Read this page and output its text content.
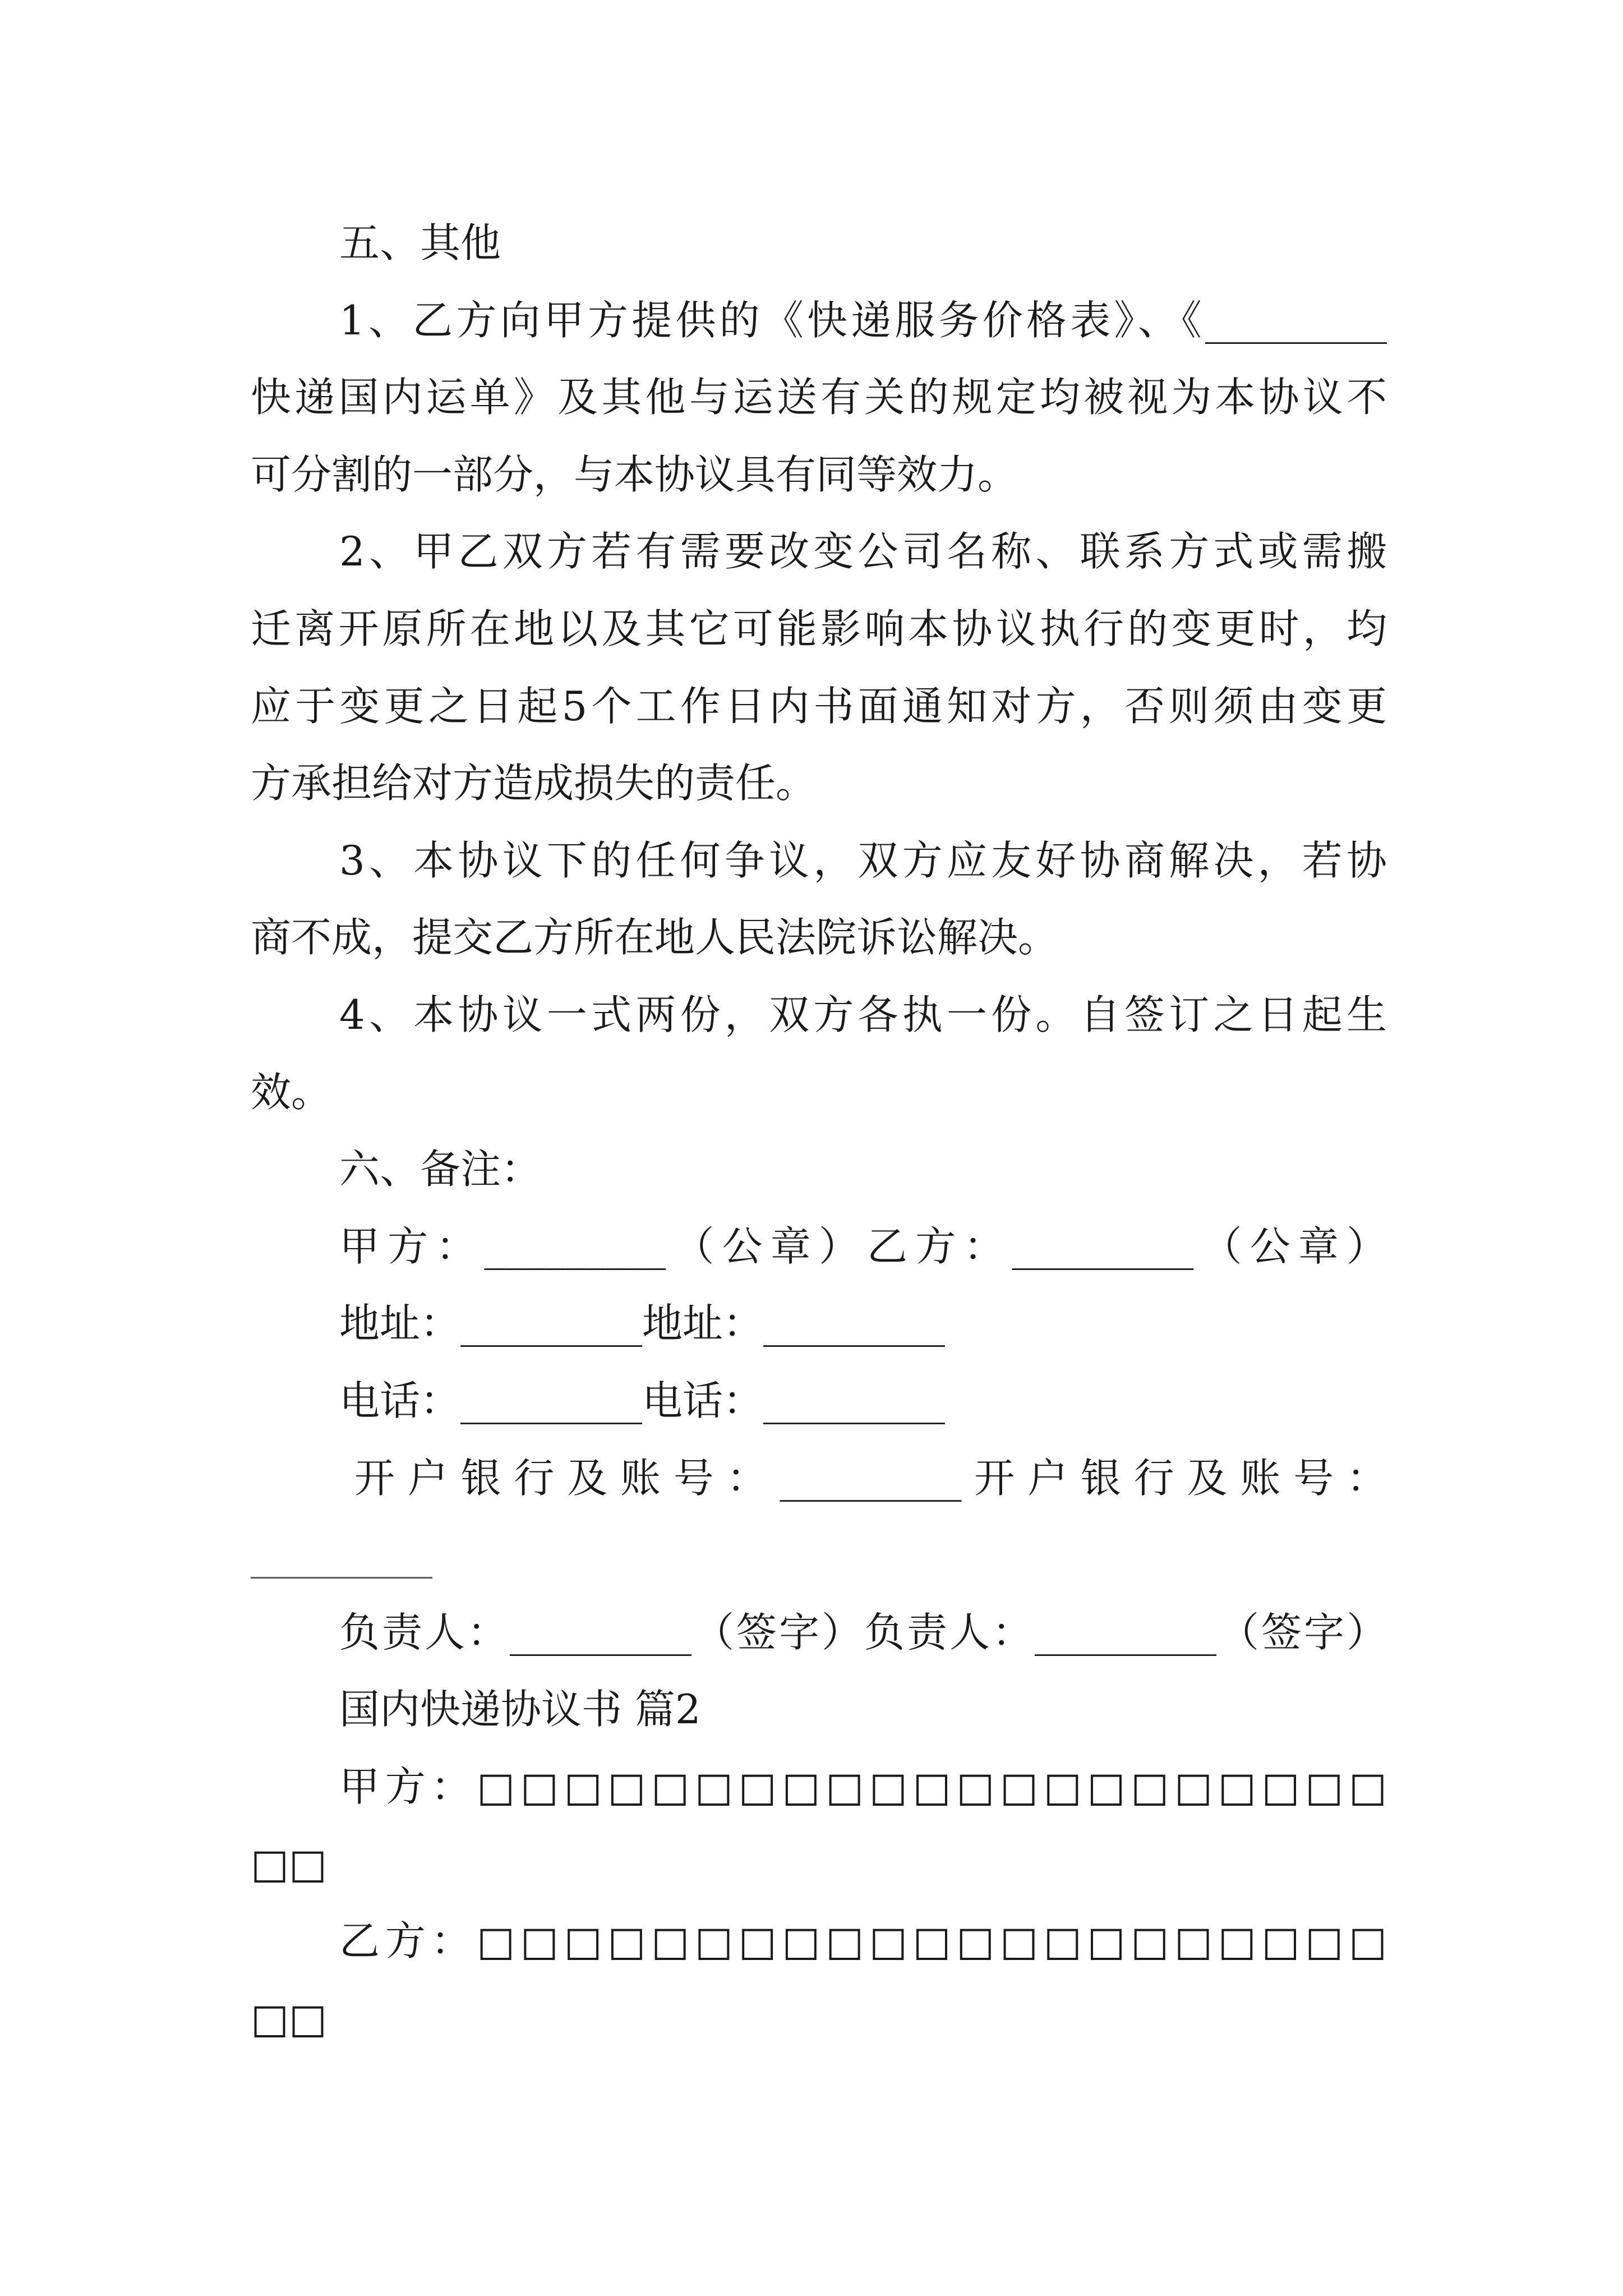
五、其他
1、乙方向甲方提供的《快递服务价格表》、《_________
快递国内运单》及其他与运送有关的规定均被视为本协议不
可分割的一部分，与本协议具有同等效力。
2、甲乙双方若有需要改变公司名称、联系方式或需搬
迁离开原所在地以及其它可能影响本协议执行的变更时，均
应于变更之日起5个工作日内书面通知对方，否则须由变更
方承担给对方造成损失的责任。
3、本协议下的任何争议，双方应友好协商解决，若协
商不成，提交乙方所在地人民法院诉讼解决。
4、本协议一式两份，双方各执一份。自签订之日起生
效。
六、备注：
甲方：_________（公章）乙方：_________（公章）
地址：_________地址：_________
电话：_________电话：_________
开户银行及账号：_________开户银行及账号：
_________
负责人：_________（签字）负责人：_________（签字）
国内快递协议书 篇2
甲方：□□□□□□□□□□□□□□□□□□□□□
□□
乙方：□□□□□□□□□□□□□□□□□□□□□
□□
